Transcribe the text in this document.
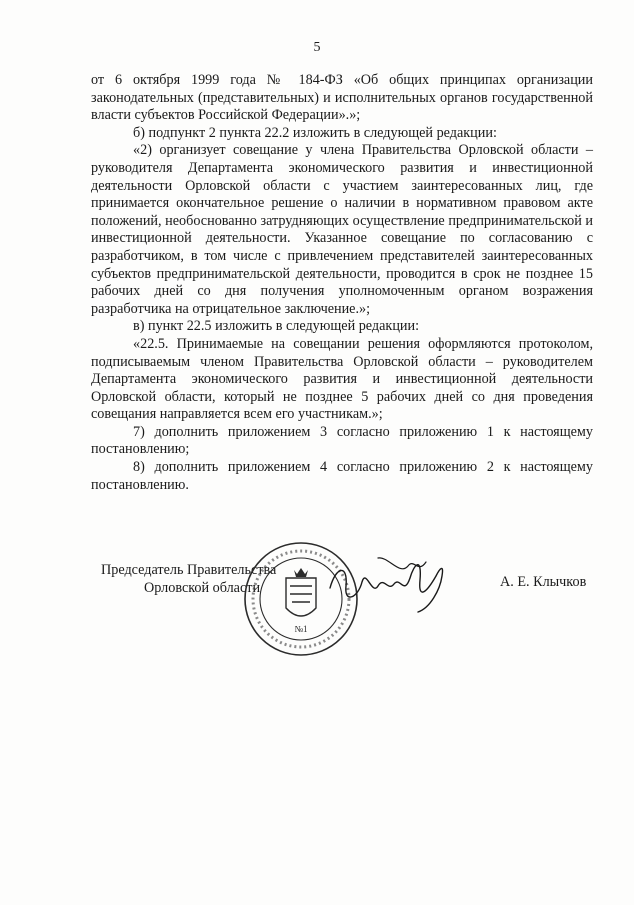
5

от 6 октября 1999 года № 184-ФЗ «Об общих принципах организации законодательных (представительных) и исполнительных органов государственной власти субъектов Российской Федерации».»;

б) подпункт 2 пункта 22.2 изложить в следующей редакции:

«2) организует совещание у члена Правительства Орловской области – руководителя Департамента экономического развития и инвестиционной деятельности Орловской области с участием заинтересованных лиц, где принимается окончательное решение о наличии в нормативном правовом акте положений, необоснованно затрудняющих осуществление предпринимательской и инвестиционной деятельности. Указанное совещание по согласованию с разработчиком, в том числе с привлечением представителей заинтересованных субъектов предпринимательской деятельности, проводится в срок не позднее 15 рабочих дней со дня получения уполномоченным органом возражения разработчика на отрицательное заключение.»;

в) пункт 22.5 изложить в следующей редакции:

«22.5. Принимаемые на совещании решения оформляются протоколом, подписываемым членом Правительства Орловской области – руководителем Департамента экономического развития и инвестиционной деятельности Орловской области, который не позднее 5 рабочих дней со дня проведения совещания направляется всем его участникам.»;

7) дополнить приложением 3 согласно приложению 1 к настоящему постановлению;

8) дополнить приложением 4 согласно приложению 2 к настоящему постановлению.

Председатель Правительства
Орловской области	А. Е. Клычков
№1
